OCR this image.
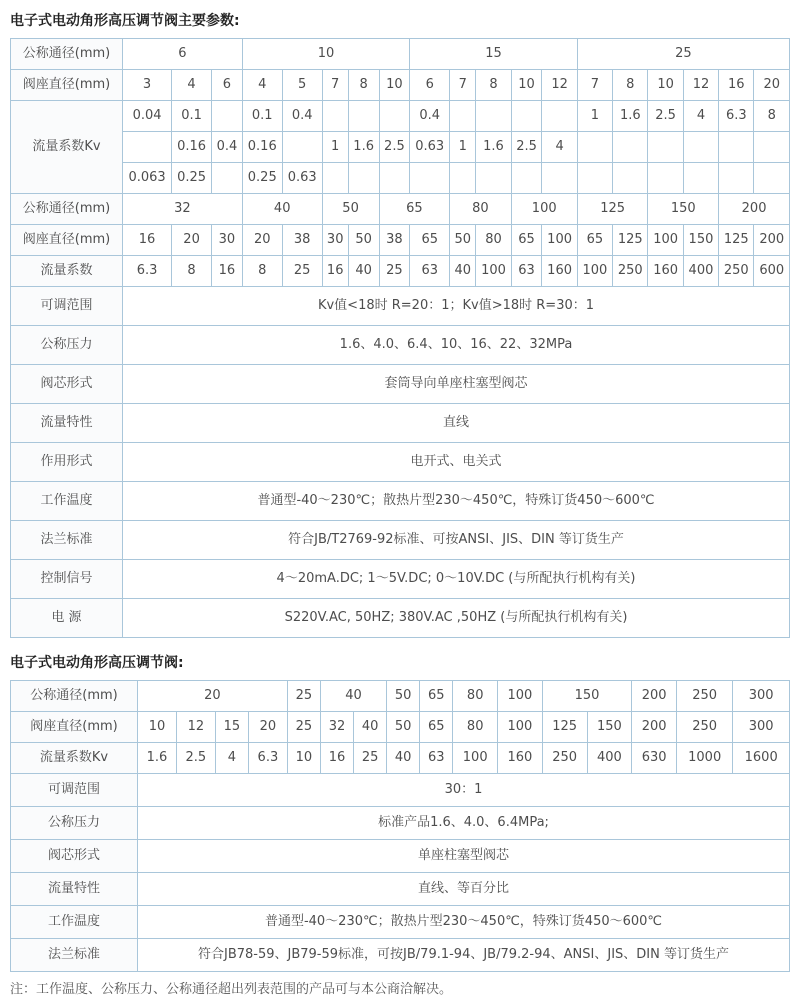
电子式电动角形高压调节阀主要参数:
公称通径(mm)	6			10					15					25					
阀座直径(mm)	3	4	6	4	5	7	8	10	6	7	8	10	12	7	8	10	12	16	20
流量系数Kv	0.04	0.1		0.1	0.4				0.4					1	1.6	2.5	4	6.3	8
		0.16	0.4	0.16		1	1.6	2.5	0.63	1	1.6	2.5	4						
	0.063	0.25		0.25	0.63														
公称通径(mm)	32			40		50		65		80		100		125		150		200	
阀座直径(mm)	16	20	30	20	38	30	50	38	65	50	80	65	100	65	125	100	150	125	200
流量系数	6.3	8	16	8	25	16	40	25	63	40	100	63	160	100	250	160	400	250	600
可调范围	Kv值<18时 R=20：1；Kv值>18时 R=30：1																		
公称压力	1.6、4.0、6.4、10、16、22、32MPa																		
阀芯形式	套筒导向单座柱塞型阀芯																		
流量特性	直线																		
作用形式	电开式、电关式																		
工作温度	普通型-40～230℃；散热片型230～450℃，特殊订货450～600℃																		
法兰标准	符合JB/T2769-92标准、可按ANSI、JIS、DIN 等订货生产																		
控制信号	4～20mA.DC; 1～5V.DC; 0～10V.DC (与所配执行机构有关)																		
电 源	S220V.AC, 50HZ; 380V.AC ,50HZ (与所配执行机构有关)																		
电子式电动角形高压调节阀:
公称通径(mm)	20				25	40		50	65	80	100	150		200	250	300
阀座直径(mm)	10	12	15	20	25	32	40	50	65	80	100	125	150	200	250	300
流量系数Kv	1.6	2.5	4	6.3	10	16	25	40	63	100	160	250	400	630	1000	1600
可调范围	30：1															
公称压力	标准产品1.6、4.0、6.4MPa;															
阀芯形式	单座柱塞型阀芯															
流量特性	直线、等百分比															
工作温度	普通型-40～230℃；散热片型230～450℃，特殊订货450～600℃															
法兰标准	符合JB78-59、JB79-59标准，可按JB/79.1-94、JB/79.2-94、ANSI、JIS、DIN 等订货生产															
注：工作温度、公称压力、公称通径超出列表范围的产品可与本公商洽解决。
